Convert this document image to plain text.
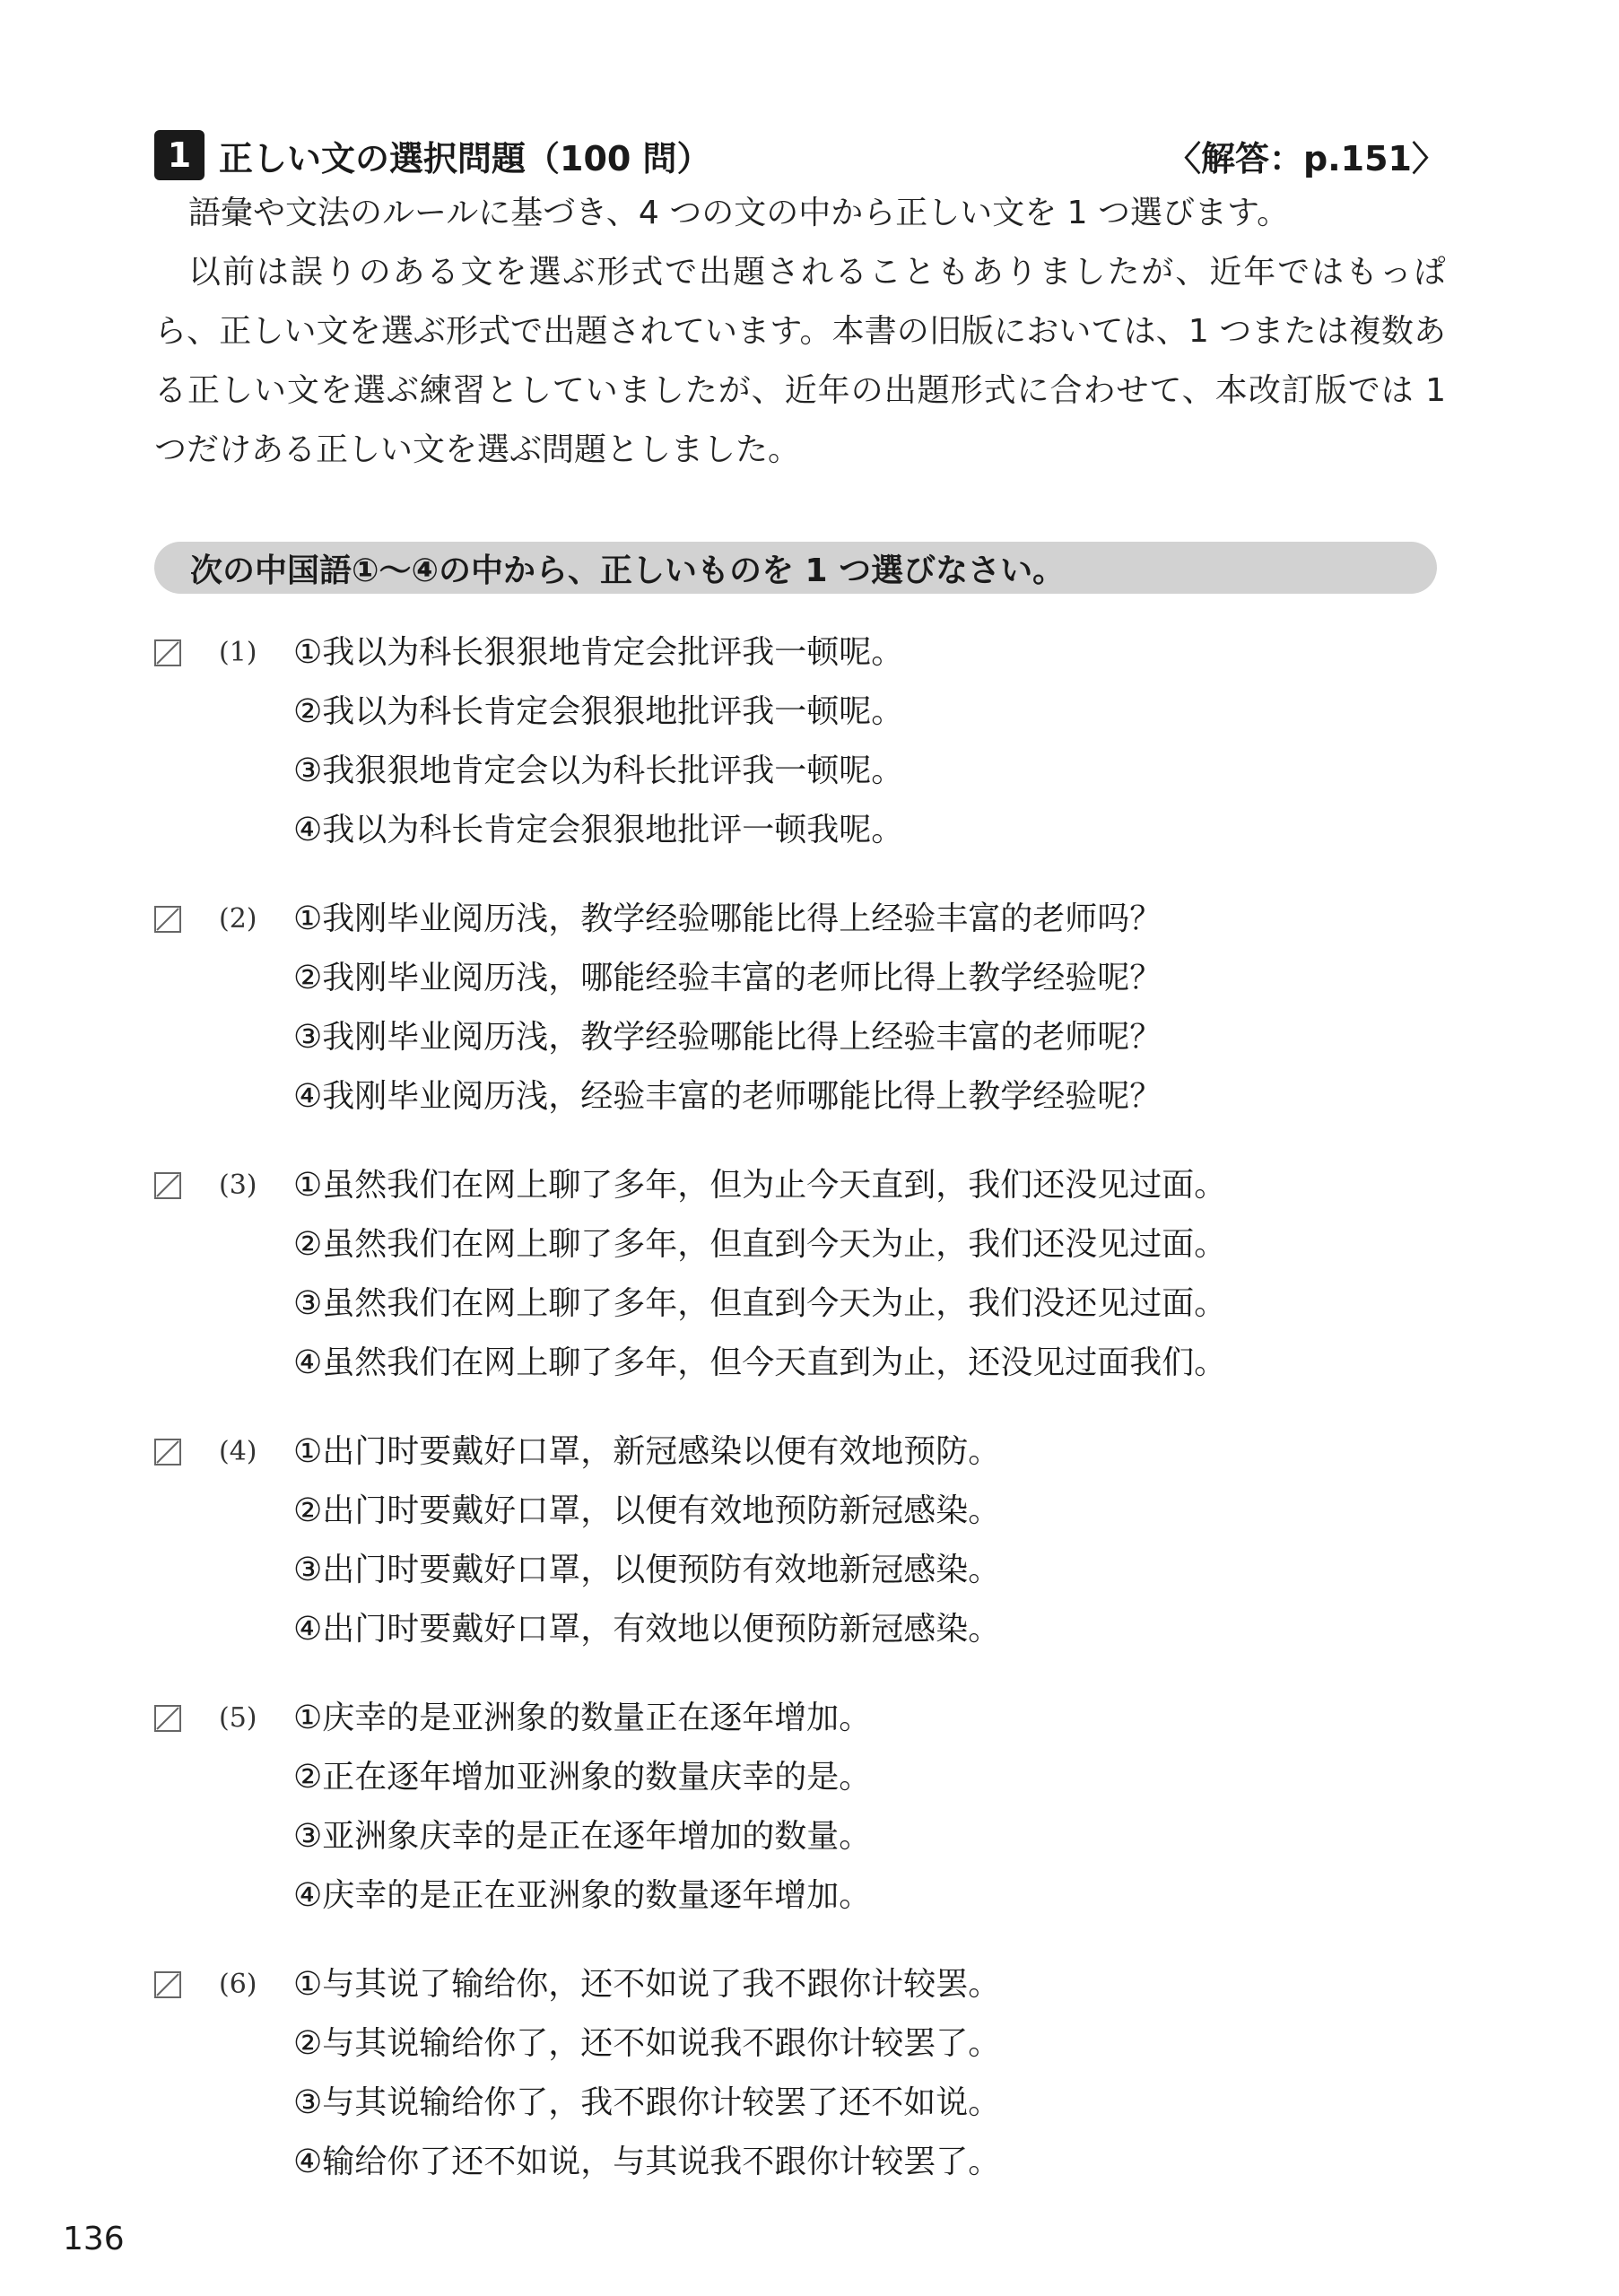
1 正しい文の選択問題（100 問）	〈解答：p.151〉

語彙や文法のルールに基づき、4 つの文の中から正しい文を 1 つ選びます。

以前は誤りのある文を選ぶ形式で出題されることもありましたが、近年ではもっぱら、正しい文を選ぶ形式で出題されています。本書の旧版においては、1 つまたは複数ある正しい文を選ぶ練習としていましたが、近年の出題形式に合わせて、本改訂版では 1 つだけある正しい文を選ぶ問題としました。

次の中国語①～④の中から、正しいものを 1 つ選びなさい。
(1) ①我以为科长狠狠地肯定会批评我一顿呢。
②我以为科长肯定会狠狠地批评我一顿呢。
③我狠狠地肯定会以为科长批评我一顿呢。
④我以为科长肯定会狠狠地批评一顿我呢。
(2) ①我刚毕业阅历浅，教学经验哪能比得上经验丰富的老师吗？
②我刚毕业阅历浅，哪能经验丰富的老师比得上教学经验呢？
③我刚毕业阅历浅，教学经验哪能比得上经验丰富的老师呢？
④我刚毕业阅历浅，经验丰富的老师哪能比得上教学经验呢？
(3) ①虽然我们在网上聊了多年，但为止今天直到，我们还没见过面。
②虽然我们在网上聊了多年，但直到今天为止，我们还没见过面。
③虽然我们在网上聊了多年，但直到今天为止，我们没还见过面。
④虽然我们在网上聊了多年，但今天直到为止，还没见过面我们。
(4) ①出门时要戴好口罩，新冠感染以便有效地预防。
②出门时要戴好口罩，以便有效地预防新冠感染。
③出门时要戴好口罩，以便预防有效地新冠感染。
④出门时要戴好口罩，有效地以便预防新冠感染。
(5) ①庆幸的是亚洲象的数量正在逐年增加。
②正在逐年增加亚洲象的数量庆幸的是。
③亚洲象庆幸的是正在逐年增加的数量。
④庆幸的是正在亚洲象的数量逐年增加。
(6) ①与其说了输给你，还不如说了我不跟你计较罢。
②与其说输给你了，还不如说我不跟你计较罢了。
③与其说输给你了，我不跟你计较罢了还不如说。
④输给你了还不如说，与其说我不跟你计较罢了。
136
